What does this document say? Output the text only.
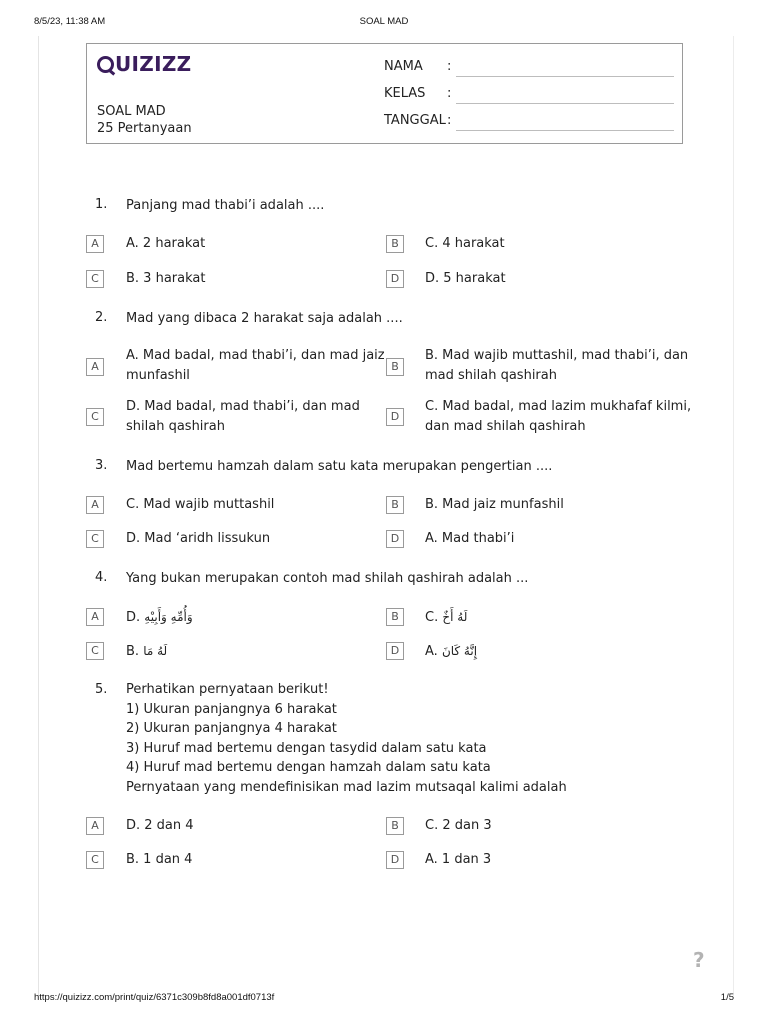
8/5/23, 11:38 AM	SOAL MAD
UIZIZZ
SOAL MAD
25 Pertanyaan
NAMA :
KELAS :
TANGGAL :
1. Panjang mad thabi’i adalah ....
A	A. 2 harakat	B	C. 4 harakat
C	B. 3 harakat	D	D. 5 harakat
2. Mad yang dibaca 2 harakat saja adalah ....
A
A. Mad badal, mad thabi’i, dan mad jaiz
munfashil
B
B. Mad wajib muttashil, mad thabi’i, dan
mad shilah qashirah
C
D. Mad badal, mad thabi’i, dan mad
shilah qashirah
D
C. Mad badal, mad lazim mukhafaf kilmi,
dan mad shilah qashirah
3. Mad bertemu hamzah dalam satu kata merupakan pengertian ....
A	C. Mad wajib muttashil	B	B. Mad jaiz munfashil
C	D. Mad ‘aridh lissukun	D	A. Mad thabi’i
4. Yang bukan merupakan contoh mad shilah qashirah adalah ...
A	D. وَأُمِّهِ وَأَبِيْهِ	B	C. لَهُ أَخٌ
C	B. لَهُ مَا	D	A. إِنَّهُ كَانَ
5. Perhatikan pernyataan berikut!
1) Ukuran panjangnya 6 harakat
2) Ukuran panjangnya 4 harakat
3) Huruf mad bertemu dengan tasydid dalam satu kata
4) Huruf mad bertemu dengan hamzah dalam satu kata
Pernyataan yang mendefinisikan mad lazim mutsaqal kalimi adalah
A	D. 2 dan 4	B	C. 2 dan 3
C	B. 1 dan 4	D	A. 1 dan 3
?
https://quizizz.com/print/quiz/6371c309b8fd8a001df0713f	1/5
